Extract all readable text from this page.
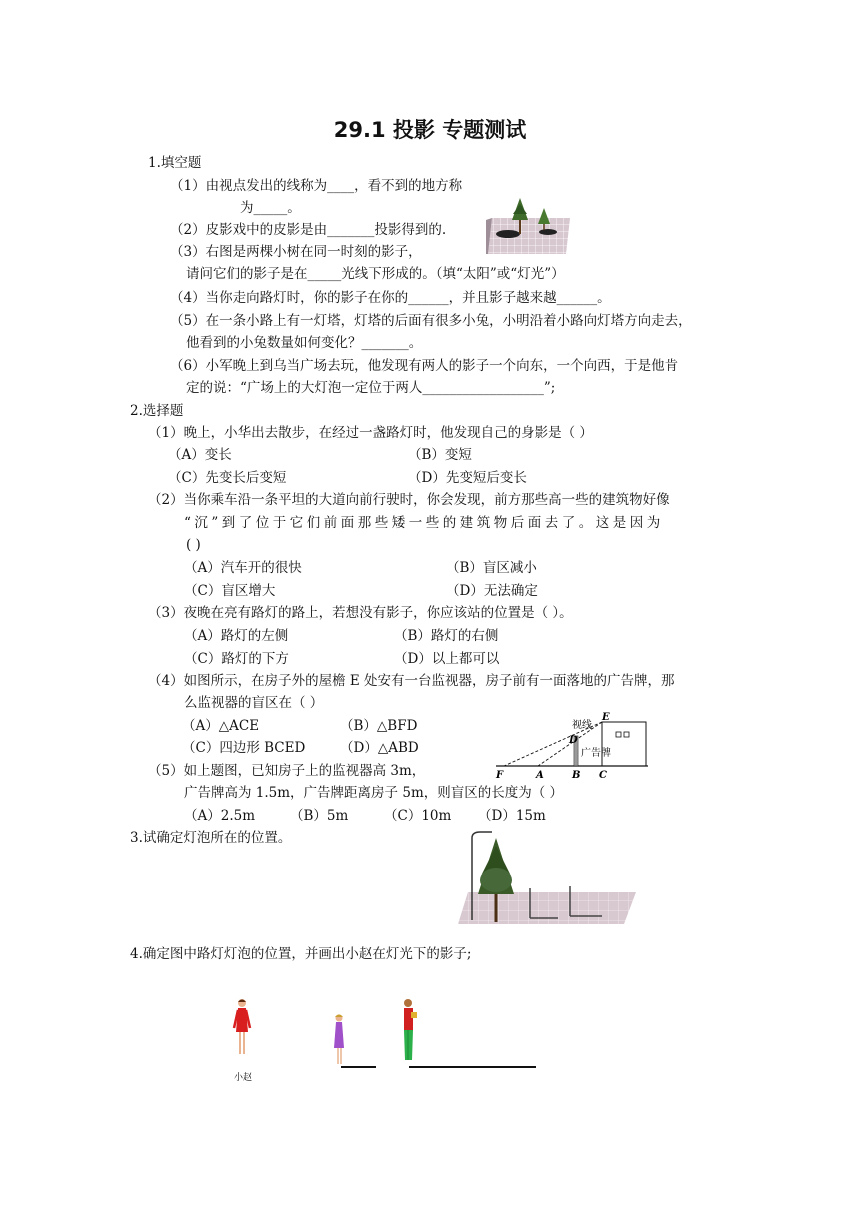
29.1 投影 专题测试
1.填空题
（1）由视点发出的线称为____，看不到的地方称
为_____。
（2）皮影戏中的皮影是由_______投影得到的.
（3）右图是两棵小树在同一时刻的影子，
请问它们的影子是在_____光线下形成的。（填“太阳”或“灯光”）
（4）当你走向路灯时，你的影子在你的______，并且影子越来越______。
（5）在一条小路上有一灯塔，灯塔的后面有很多小兔，小明沿着小路向灯塔方向走去，
他看到的小兔数量如何变化？_______。
（6）小军晚上到乌当广场去玩，他发现有两人的影子一个向东，一个向西，于是他肯
定的说：“广场上的大灯泡一定位于两人__________________”;
2.选择题
（1）晚上，小华出去散步，在经过一盏路灯时，他发现自己的身影是（ ）
（A）变长	（B）变短
（C）先变长后变短	（D）先变短后变长
（2）当你乘车沿一条平坦的大道向前行驶时，你会发现，前方那些高一些的建筑物好像
“沉”到了位于它们前面那些矮一些的建筑物后面去了。这是因为
( )
（A）汽车开的很快	（B）盲区减小
（C）盲区增大	（D）无法确定
（3）夜晚在亮有路灯的路上，若想没有影子，你应该站的位置是（ ）。
（A）路灯的左侧	（B）路灯的右侧
（C）路灯的下方	（D）以上都可以
（4）如图所示，在房子外的屋檐 E 处安有一台监视器，房子前有一面落地的广告牌，那
么监视器的盲区在（ ）
（A）△ACE	（B）△BFD
（C）四边形 BCED	（D）△ABD
（5）如上题图，已知房子上的监视器高 3m，
广告牌高为 1.5m，广告牌距离房子 5m，则盲区的长度为（ ）
（A）2.5m	（B）5m	（C）10m （D）15m
视线
广告牌
E
D
F	A	B C
3.试确定灯泡所在的位置。
4.确定图中路灯灯泡的位置，并画出小赵在灯光下的影子;
小赵
